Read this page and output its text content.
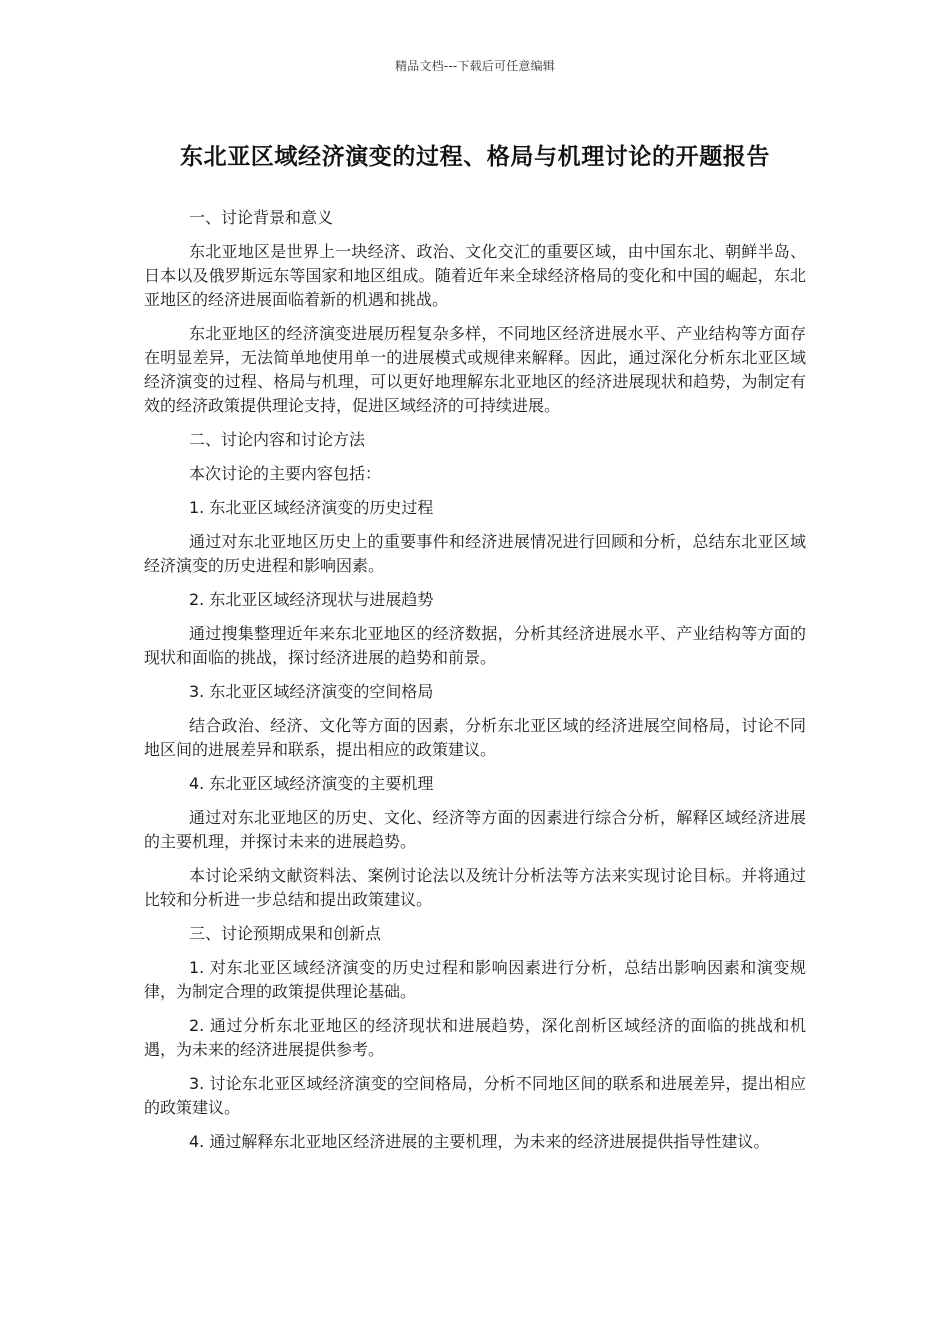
精品文档---下载后可任意编辑
东北亚区域经济演变的过程、格局与机理讨论的开题报告

一、讨论背景和意义

东北亚地区是世界上一块经济、政治、文化交汇的重要区域，由中国东北、朝鲜半岛、日本以及俄罗斯远东等国家和地区组成。随着近年来全球经济格局的变化和中国的崛起，东北亚地区的经济进展面临着新的机遇和挑战。

东北亚地区的经济演变进展历程复杂多样，不同地区经济进展水平、产业结构等方面存在明显差异，无法简单地使用单一的进展模式或规律来解释。因此，通过深化分析东北亚区域经济演变的过程、格局与机理，可以更好地理解东北亚地区的经济进展现状和趋势，为制定有效的经济政策提供理论支持，促进区域经济的可持续进展。

二、讨论内容和讨论方法

本次讨论的主要内容包括：

1. 东北亚区域经济演变的历史过程

通过对东北亚地区历史上的重要事件和经济进展情况进行回顾和分析，总结东北亚区域经济演变的历史进程和影响因素。

2. 东北亚区域经济现状与进展趋势

通过搜集整理近年来东北亚地区的经济数据，分析其经济进展水平、产业结构等方面的现状和面临的挑战，探讨经济进展的趋势和前景。

3. 东北亚区域经济演变的空间格局

结合政治、经济、文化等方面的因素，分析东北亚区域的经济进展空间格局，讨论不同地区间的进展差异和联系，提出相应的政策建议。

4. 东北亚区域经济演变的主要机理

通过对东北亚地区的历史、文化、经济等方面的因素进行综合分析，解释区域经济进展的主要机理，并探讨未来的进展趋势。

本讨论采纳文献资料法、案例讨论法以及统计分析法等方法来实现讨论目标。并将通过比较和分析进一步总结和提出政策建议。

三、讨论预期成果和创新点

1. 对东北亚区域经济演变的历史过程和影响因素进行分析，总结出影响因素和演变规律，为制定合理的政策提供理论基础。

2. 通过分析东北亚地区的经济现状和进展趋势，深化剖析区域经济的面临的挑战和机遇，为未来的经济进展提供参考。

3. 讨论东北亚区域经济演变的空间格局，分析不同地区间的联系和进展差异，提出相应的政策建议。

4. 通过解释东北亚地区经济进展的主要机理，为未来的经济进展提供指导性建议。
